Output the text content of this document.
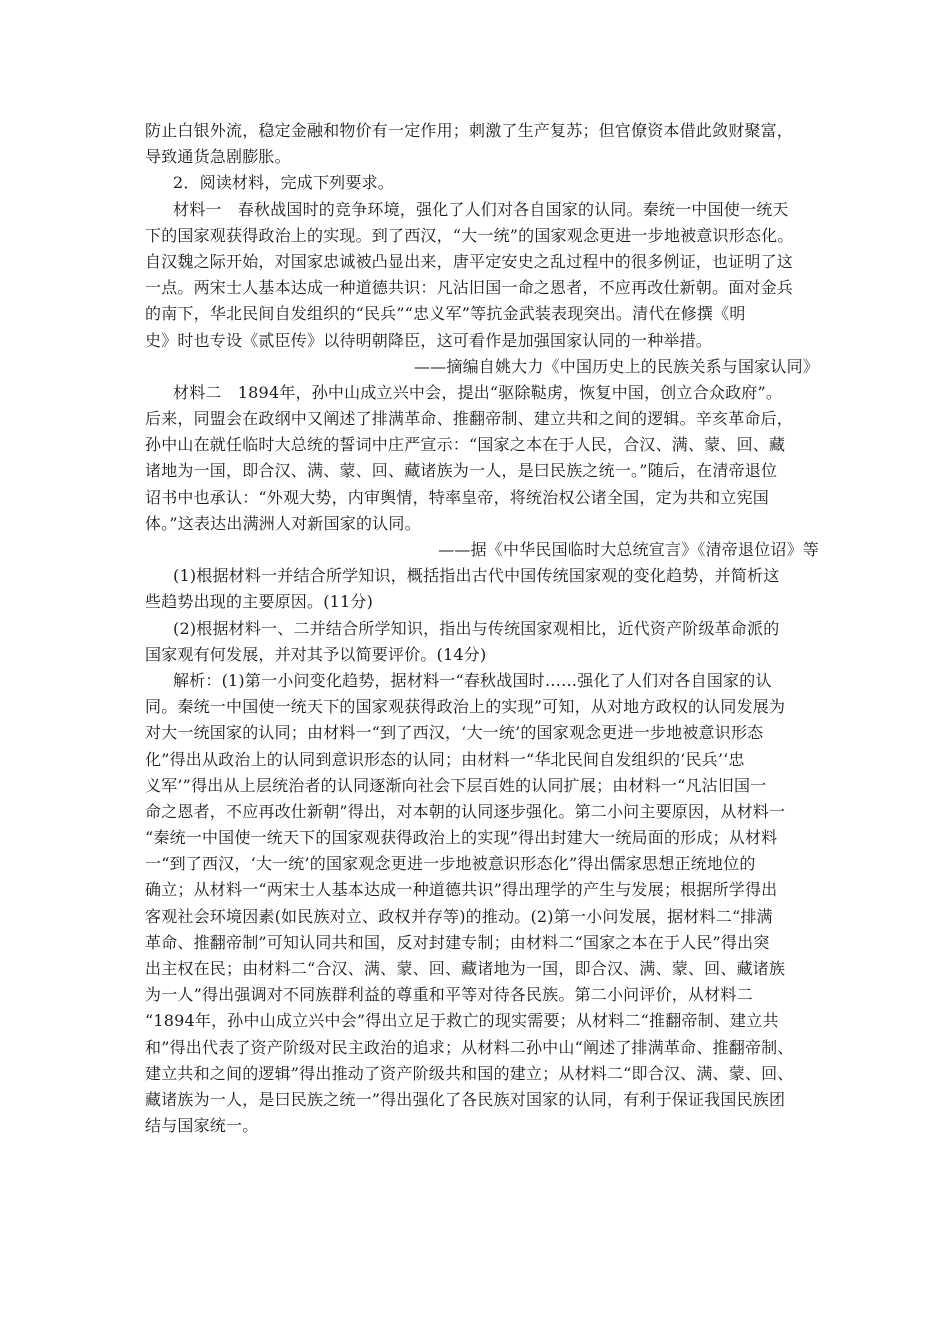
防止白银外流，稳定金融和物价有一定作用；刺激了生产复苏；但官僚资本借此敛财聚富，
导致通货急剧膨胀。
2．阅读材料，完成下列要求。
材料一　春秋战国时的竞争环境，强化了人们对各自国家的认同。秦统一中国使一统天
下的国家观获得政治上的实现。到了西汉，“大一统”的国家观念更进一步地被意识形态化。
自汉魏之际开始，对国家忠诚被凸显出来，唐平定安史之乱过程中的很多例证，也证明了这
一点。两宋士人基本达成一种道德共识：凡沾旧国一命之恩者，不应再改仕新朝。面对金兵
的南下，华北民间自发组织的“民兵”“忠义军”等抗金武装表现突出。清代在修撰《明
史》时也专设《贰臣传》以待明朝降臣，这可看作是加强国家认同的一种举措。
——摘编自姚大力《中国历史上的民族关系与国家认同》
材料二　1894年，孙中山成立兴中会，提出“驱除鞑虏，恢复中国，创立合众政府”。
后来，同盟会在政纲中又阐述了排满革命、推翻帝制、建立共和之间的逻辑。辛亥革命后，
孙中山在就任临时大总统的誓词中庄严宣示：“国家之本在于人民，合汉、满、蒙、回、藏
诸地为一国，即合汉、满、蒙、回、藏诸族为一人，是曰民族之统一。”随后，在清帝退位
诏书中也承认：“外观大势，内审舆情，特率皇帝，将统治权公诸全国，定为共和立宪国
体。”这表达出满洲人对新国家的认同。
——据《中华民国临时大总统宣言》《清帝退位诏》等
(1)根据材料一并结合所学知识，概括指出古代中国传统国家观的变化趋势，并简析这
些趋势出现的主要原因。(11分)
(2)根据材料一、二并结合所学知识，指出与传统国家观相比，近代资产阶级革命派的
国家观有何发展，并对其予以简要评价。(14分)
解析：(1)第一小问变化趋势，据材料一“春秋战国时……强化了人们对各自国家的认
同。秦统一中国使一统天下的国家观获得政治上的实现”可知，从对地方政权的认同发展为
对大一统国家的认同；由材料一“到了西汉，‘大一统’的国家观念更进一步地被意识形态
化”得出从政治上的认同到意识形态的认同；由材料一“华北民间自发组织的‘民兵’‘忠
义军’”得出从上层统治者的认同逐渐向社会下层百姓的认同扩展；由材料一“凡沾旧国一
命之恩者，不应再改仕新朝”得出，对本朝的认同逐步强化。第二小问主要原因，从材料一
“秦统一中国使一统天下的国家观获得政治上的实现”得出封建大一统局面的形成；从材料
一“到了西汉，‘大一统’的国家观念更进一步地被意识形态化”得出儒家思想正统地位的
确立；从材料一“两宋士人基本达成一种道德共识”得出理学的产生与发展；根据所学得出
客观社会环境因素(如民族对立、政权并存等)的推动。(2)第一小问发展，据材料二“排满
革命、推翻帝制”可知认同共和国，反对封建专制；由材料二“国家之本在于人民”得出突
出主权在民；由材料二“合汉、满、蒙、回、藏诸地为一国，即合汉、满、蒙、回、藏诸族
为一人”得出强调对不同族群利益的尊重和平等对待各民族。第二小问评价，从材料二
“1894年，孙中山成立兴中会”得出立足于救亡的现实需要；从材料二“推翻帝制、建立共
和”得出代表了资产阶级对民主政治的追求；从材料二孙中山“阐述了排满革命、推翻帝制、
建立共和之间的逻辑”得出推动了资产阶级共和国的建立；从材料二“即合汉、满、蒙、回、
藏诸族为一人，是曰民族之统一”得出强化了各民族对国家的认同，有利于保证我国民族团
结与国家统一。
